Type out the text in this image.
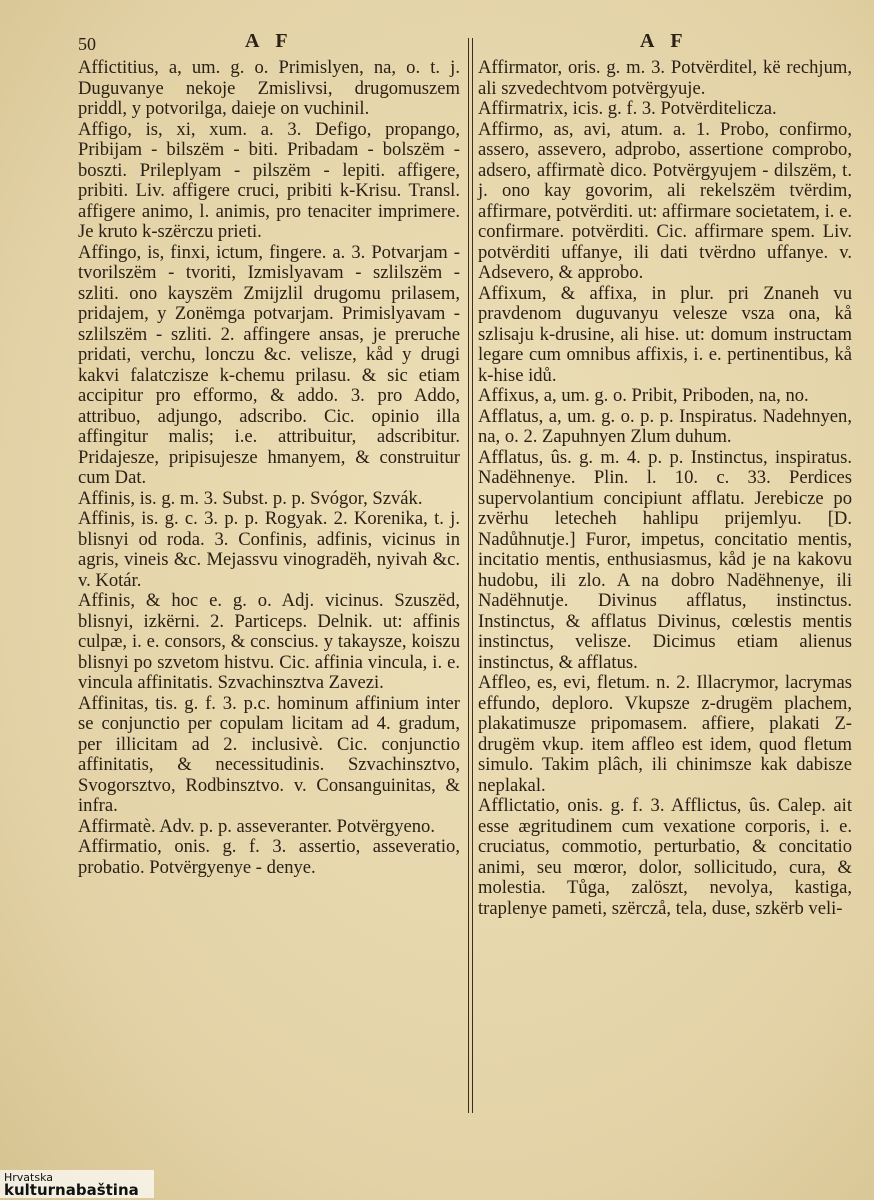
50	A F	A F

Affictitius, a, um. g. o. Primislyen, na, o. t. j. Duguvanye nekoje Zmislivsi, drugomuszem priddl, y potvorilga, daieje on vuchinil.

Affigo, is, xi, xum. a. 3. Defigo, propango, Pribijam - bilszëm - biti. Pribadam - bolszëm - boszti. Prileplyam - pilszëm - lepiti. affigere, pribiti. Liv. affigere cruci, pribiti k-Krisu. Transl. affigere animo, l. animis, pro tenaciter imprimere. Je kruto k-szërczu prieti.

Affingo, is, finxi, ictum, fingere. a. 3. Potvarjam - tvorilszëm - tvoriti, Izmislyavam - szlilszëm - szliti. ono kayszëm Zmijzlil drugomu prilasem, pridajem, y Zonëmga potvarjam. Primislyavam - szlilszëm - szliti. 2. affingere ansas, je preruche pridati, verchu, lonczu &c. velisze, kåd y drugi kakvi falatczisze k-chemu prilasu. & sic etiam accipitur pro efformo, & addo. 3. pro Addo, attribuo, adjungo, adscribo. Cic. opinio illa affingitur malis; i.e. attribuitur, adscribitur. Pridajesze, pripisujesze hmanyem, & construitur cum Dat.

Affinis, is. g. m. 3. Subst. p. p. Svógor, Szvák.

Affinis, is. g. c. 3. p. p. Rogyak. 2. Korenika, t. j. blisnyi od roda. 3. Confinis, adfinis, vicinus in agris, vineis &c. Mejassvu vinogradëh, nyivah &c. v. Kotár.

Affinis, & hoc e. g. o. Adj. vicinus. Szuszëd, blisnyi, izkërni. 2. Particeps. Delnik. ut: affinis culpæ, i. e. consors, & conscius. y takaysze, koiszu blisnyi po szvetom histvu. Cic. affinia vincula, i. e. vincula affinitatis. Szvachinsztva Zavezi.

Affinitas, tis. g. f. 3. p.c. hominum affinium inter se conjunctio per copulam licitam ad 4. gradum, per illicitam ad 2. inclusivè. Cic. conjunctio affinitatis, & necessitudinis. Szvachinsztvo, Svogorsztvo, Rodbinsztvo. v. Consanguinitas, & infra.

Affirmatè. Adv. p. p. asseveranter. Potvërgyeno.

Affirmatio, onis. g. f. 3. assertio, asseveratio, probatio. Potvërgyenye - denye.

Affirmator, oris. g. m. 3. Potvërditel, kë rechjum, ali szvedechtvom potvërgyuje.

Affirmatrix, icis. g. f. 3. Potvërditelicza.

Affirmo, as, avi, atum. a. 1. Probo, confirmo, assero, assevero, adprobo, assertione comprobo, adsero, affirmatè dico. Potvërgyujem - dilszëm, t. j. ono kay govorim, ali rekelszëm tvërdim, affirmare, potvërditi. ut: affirmare societatem, i. e. confirmare. potvërditi. Cic. affirmare spem. Liv. potvërditi uffanye, ili dati tvërdno uffanye. v. Adsevero, & approbo.

Affixum, & affixa, in plur. pri Znaneh vu pravdenom duguvanyu velesze vsza ona, kå szlisaju k-drusine, ali hise. ut: domum instructam legare cum omnibus affixis, i. e. pertinentibus, kå k-hise idů.

Affixus, a, um. g. o. Pribit, Priboden, na, no.

Afflatus, a, um. g. o. p. p. Inspiratus. Nadehnyen, na, o. 2. Zapuhnyen Zlum duhum.

Afflatus, ûs. g. m. 4. p. p. Instinctus, inspiratus. Nadëhnenye. Plin. l. 10. c. 33. Perdices supervolantium concipiunt afflatu. Jerebicze po zvërhu letecheh hahlipu prijemlyu. [D. Nadůhnutje.] Furor, impetus, concitatio mentis, incitatio mentis, enthusiasmus, kåd je na kakovu hudobu, ili zlo. A na dobro Nadëhnenye, ili Nadëhnutje. Divinus afflatus, instinctus. Instinctus, & afflatus Divinus, cœlestis mentis instinctus, velisze. Dicimus etiam alienus instinctus, & afflatus.

Affleo, es, evi, fletum. n. 2. Illacrymor, lacrymas effundo, deploro. Vkupsze z-drugëm plachem, plakatimusze pripomasem. affiere, plakati Z-drugëm vkup. item affleo est idem, quod fletum simulo. Takim plâch, ili chinimsze kak dabisze neplakal.

Afflictatio, onis. g. f. 3. Afflictus, ûs. Calep. ait esse ægritudinem cum vexatione corporis, i. e. cruciatus, commotio, perturbatio, & concitatio animi, seu mœror, dolor, sollicitudo, cura, & molestia. Tůga, zalöszt, nevolya, kastiga, traplenye pameti, szërczå, tela, duse, szkërb veli-

Hrvatska
kulturnabaština
